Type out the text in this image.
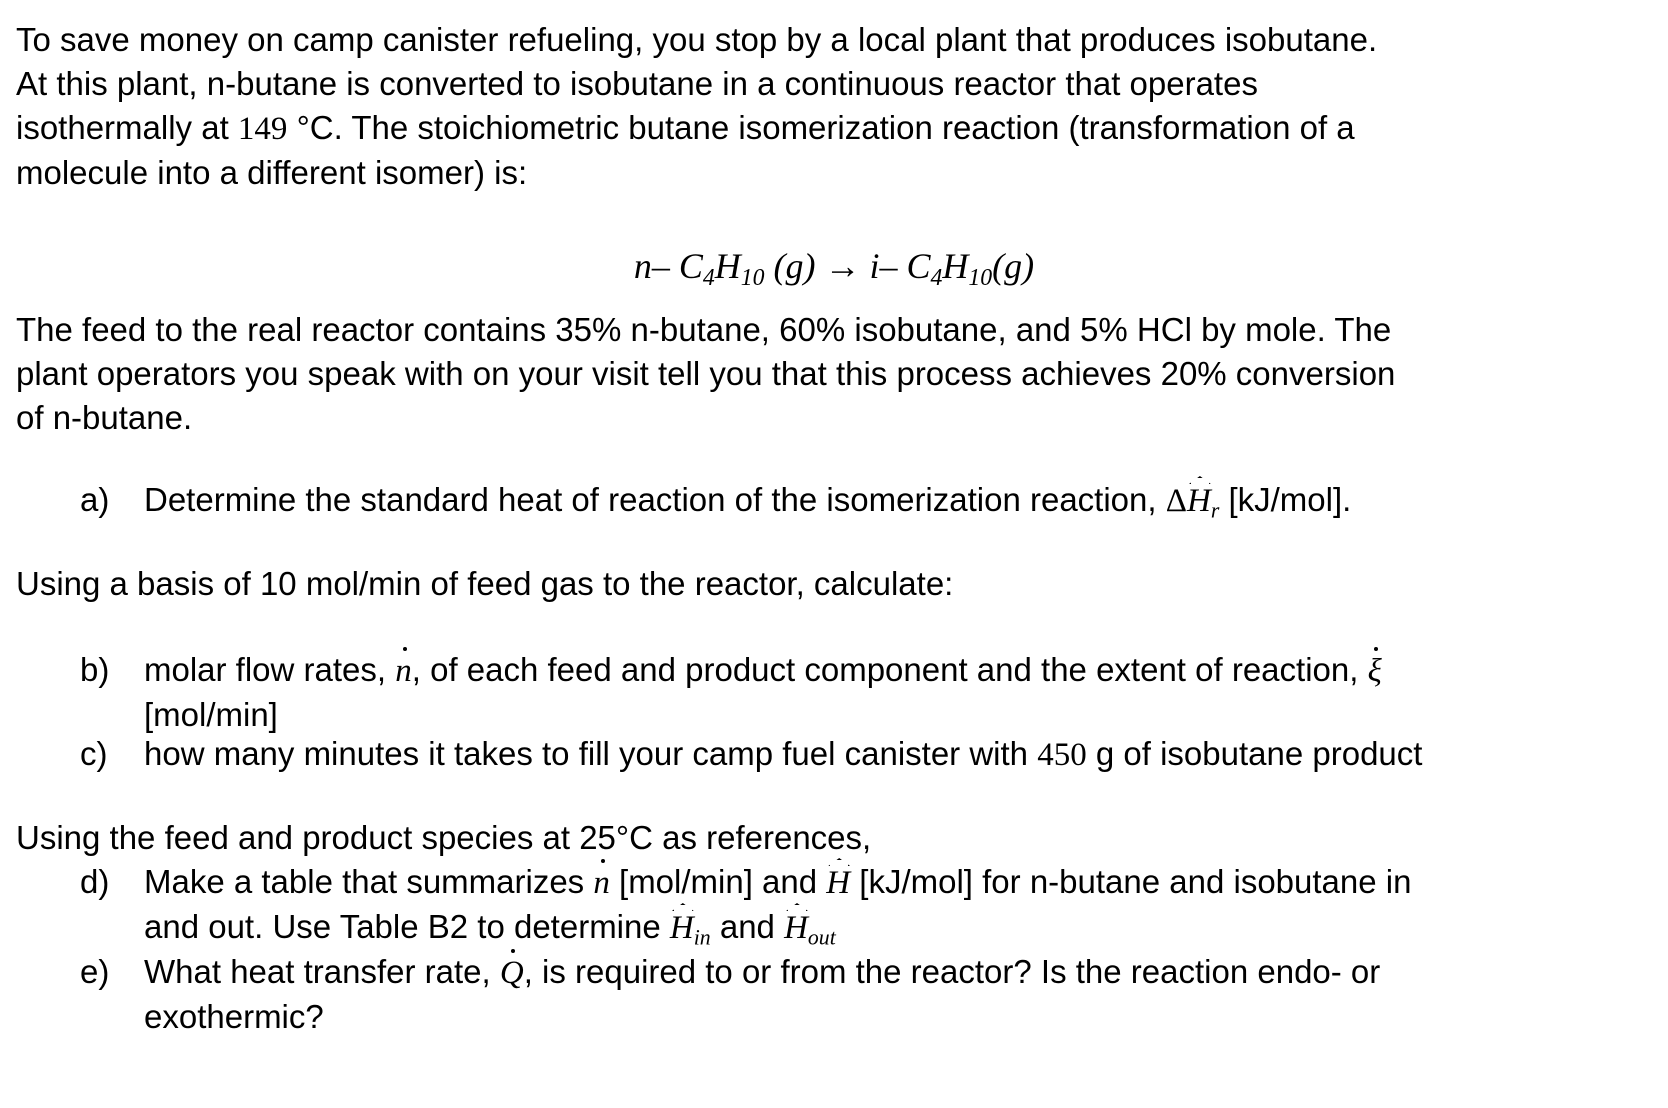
To save money on camp canister refueling, you stop by a local plant that produces isobutane.
At this plant, n-butane is converted to isobutane in a continuous reactor that operates
isothermally at 149 °C. The stoichiometric butane isomerization reaction (transformation of a
molecule into a different isomer) is:
n– $C_4H_{10}$ (g) → i– $C_4H_{10}(g)$
The feed to the real reactor contains 35% n-butane, 60% isobutane, and 5% HCl by mole. The
plant operators you speak with on your visit tell you that this process achieves 20% conversion
of n-butane.
a)	Determine the standard heat of reaction of the isomerization reaction, $\Delta H_r$ [kJ/mol].
Using a basis of 10 mol/min of feed gas to the reactor, calculate:
b)	molar flow rates, n, of each feed and product component and the extent of reaction, ξ
[mol/min]
c)	how many minutes it takes to fill your camp fuel canister with 450 g of isobutane product
Using the feed and product species at 25°C as references,
d)	Make a table that summarizes n [mol/min] and H [kJ/mol] for n-butane and isobutane in
and out. Use Table B2 to determine $H_{in}$ and $H_{out}$
e)	What heat transfer rate, Q, is required to or from the reactor? Is the reaction endo- or
exothermic?
